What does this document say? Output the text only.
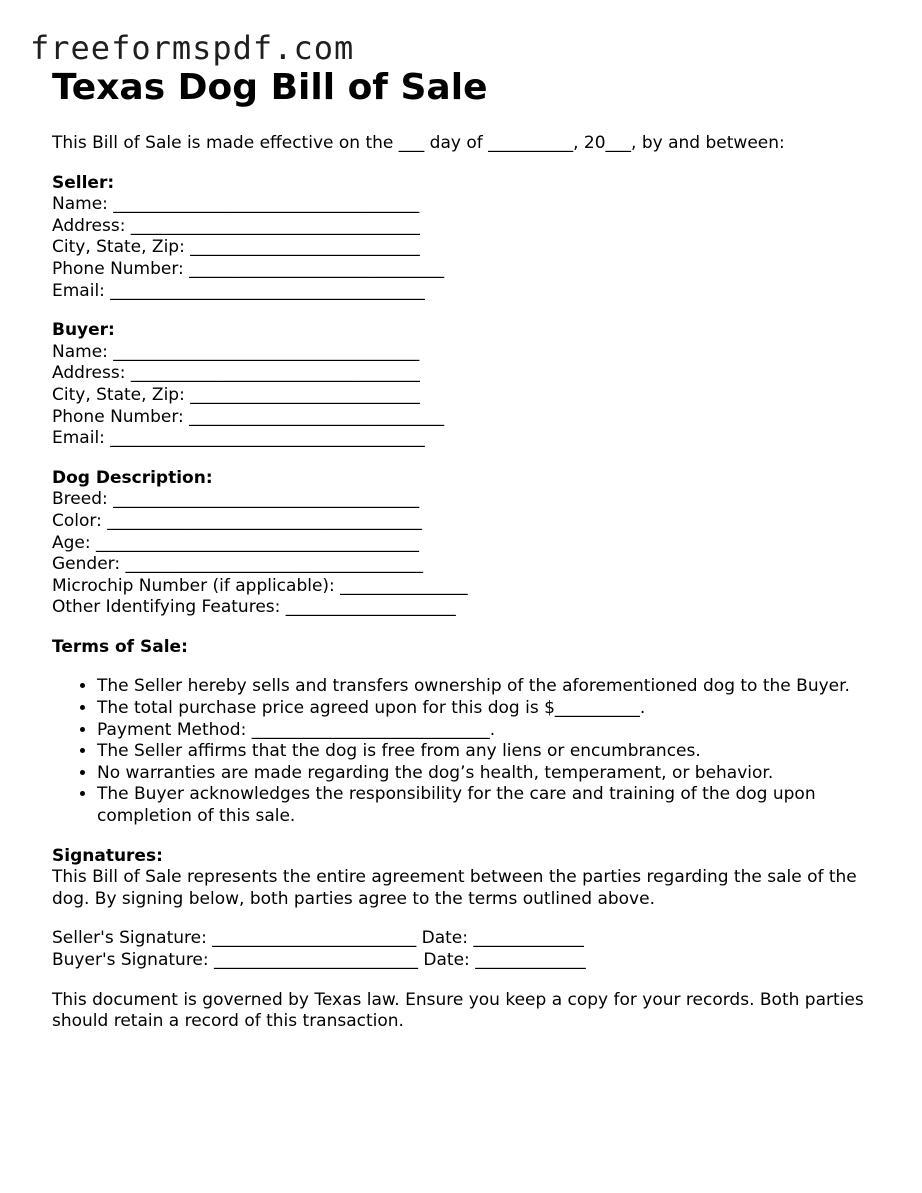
freeformspdf.com
Texas Dog Bill of Sale

This Bill of Sale is made effective on the ___ day of __________, 20___, by and between:

Seller:
Name: ____________________________________
Address: __________________________________
City, State, Zip: ___________________________
Phone Number: ______________________________
Email: _____________________________________
Buyer:
Name: ____________________________________
Address: __________________________________
City, State, Zip: ___________________________
Phone Number: ______________________________
Email: _____________________________________
Dog Description:
Breed: ____________________________________
Color: _____________________________________
Age: ______________________________________
Gender: ___________________________________
Microchip Number (if applicable): _______________
Other Identifying Features: ____________________
Terms of Sale:
• The Seller hereby sells and transfers ownership of the aforementioned dog to the Buyer.
• The total purchase price agreed upon for this dog is $__________.
• Payment Method: ____________________________.
• The Seller affirms that the dog is free from any liens or encumbrances.
• No warranties are made regarding the dog’s health, temperament, or behavior.
• The Buyer acknowledges the responsibility for the care and training of the dog upon completion of this sale.
Signatures:

This Bill of Sale represents the entire agreement between the parties regarding the sale of the dog. By signing below, both parties agree to the terms outlined above.

Seller's Signature: ________________________ Date: _____________
Buyer's Signature: ________________________ Date: _____________

This document is governed by Texas law. Ensure you keep a copy for your records. Both parties should retain a record of this transaction.
